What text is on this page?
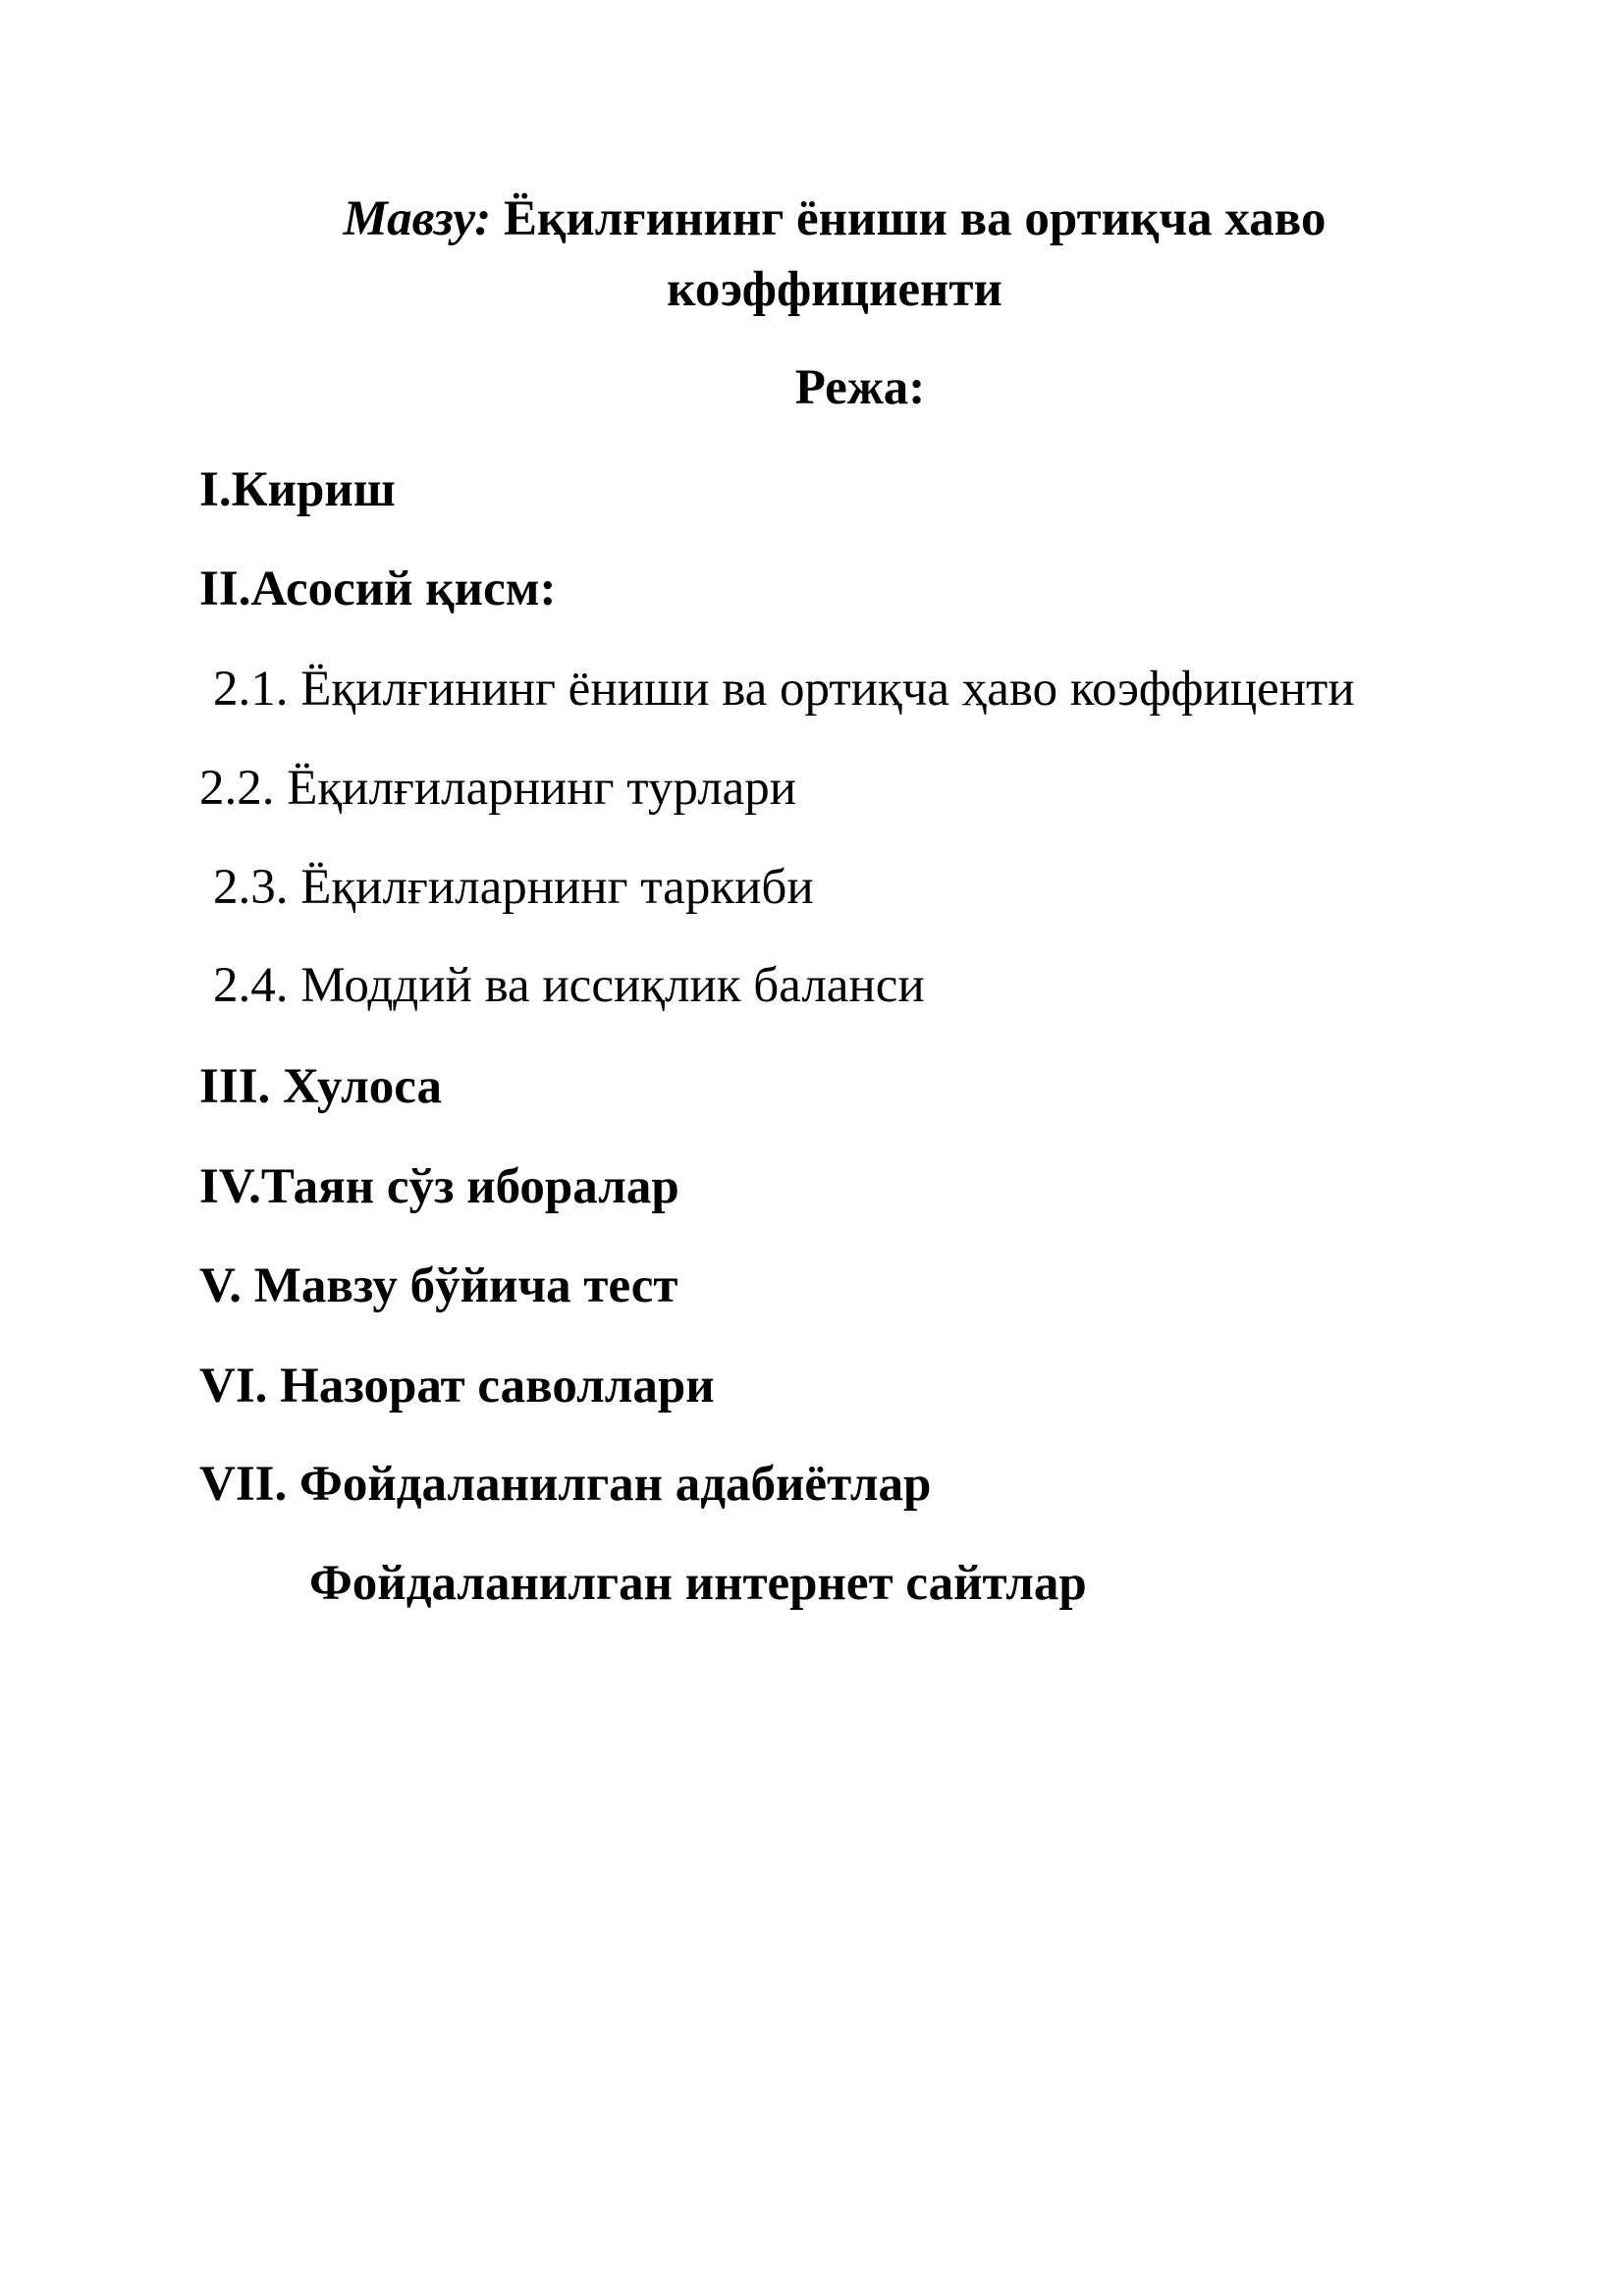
Мавзу: Ёқилғининг ёниши ва ортиқча хаво
коэффициенти
Режа:

I.Кириш

II.Асосий қисм:

2.1. Ёқилғининг ёниши ва ортиқча ҳаво коэффиценти

2.2. Ёқилғиларнинг турлари

2.3. Ёқилғиларнинг таркиби

2.4. Моддий ва иссиқлик баланси

III. Хулоса

IV.Таян сўз иборалар

V. Мавзу бўйича тест

VI. Назорат саволлари

VII. Фойдаланилган адабиётлар

Фойдаланилган интернет сайтлар
